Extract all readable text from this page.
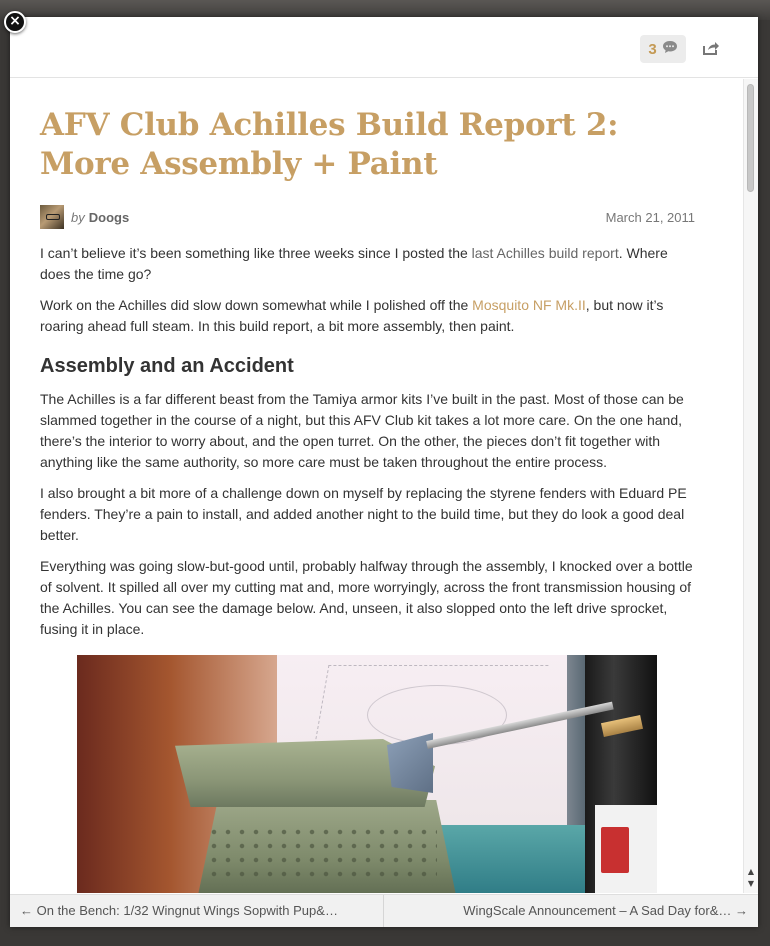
×
3
AFV Club Achilles Build Report 2: More Assembly + Paint
by Doogs	March 21, 2011

I can’t believe it’s been something like three weeks since I posted the last Achilles build report. Where does the time go?

Work on the Achilles did slow down somewhat while I polished off the Mosquito NF Mk.II, but now it’s roaring ahead full steam. In this build report, a bit more assembly, then paint.

Assembly and an Accident

The Achilles is a far different beast from the Tamiya armor kits I’ve built in the past. Most of those can be slammed together in the course of a night, but this AFV Club kit takes a lot more care. On the one hand, there’s the interior to worry about, and the open turret. On the other, the pieces don’t fit together with anything like the same authority, so more care must be taken throughout the entire process.

I also brought a bit more of a challenge down on myself by replacing the styrene fenders with Eduard PE fenders. They’re a pain to install, and added another night to the build time, but they do look a good deal better.

Everything was going slow-but-good until, probably halfway through the assembly, I knocked over a bottle of solvent. It spilled all over my cutting mat and, more worryingly, across the front transmission housing of the Achilles. You can see the damage below. And, unseen, it also slopped onto the left drive sprocket, fusing it in place.

▲
▼
← On the Bench: 1/32 Wingnut Wings Sopwith Pup&…	WingScale Announcement – A Sad Day for&… →
